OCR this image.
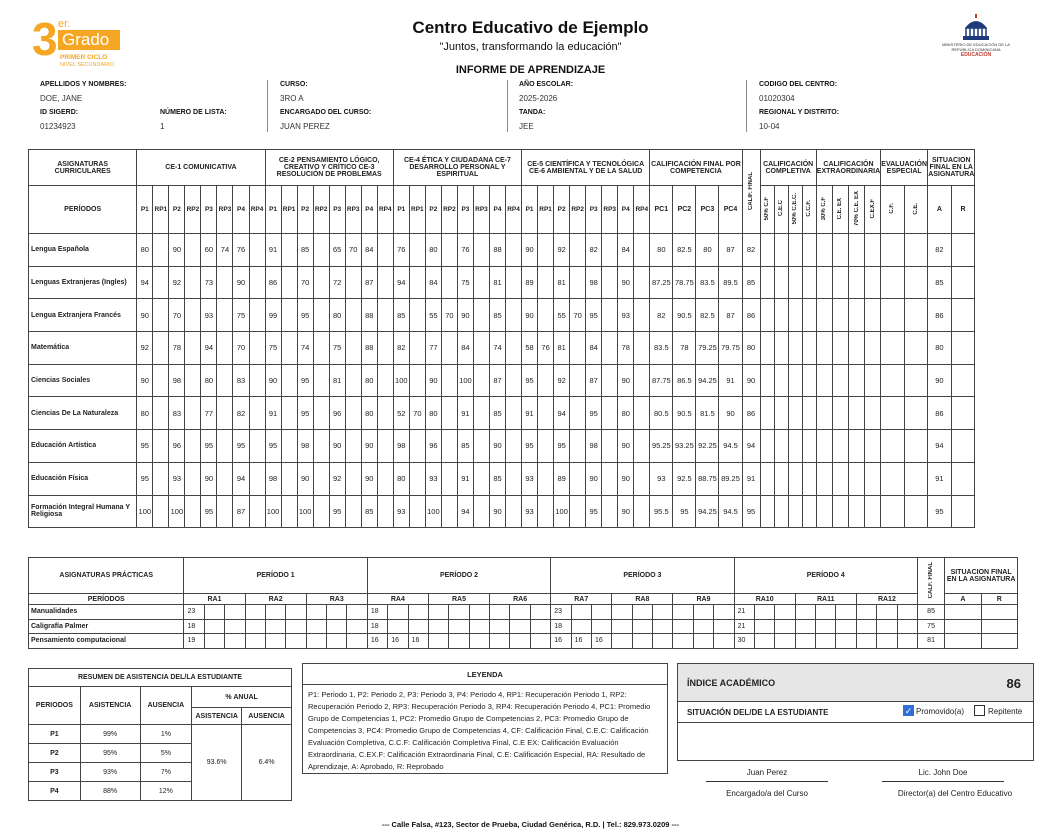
3 er.
Grado
PRIMER CICLO
NIVEL SECUNDARIO
Centro Educativo de Ejemplo
"Juntos, transformando la educación"
INFORME DE APRENDIZAJE
MINISTERIO DE EDUCACIÓN DE LA REPÚBLICA DOMINICANA
EDUCACIÓN
APELLIDOS Y NOMBRES:
DOE, JANE
ID SIGERD:
01234923
NÚMERO DE LISTA:
1
CURSO:
3RO A
ENCARGADO DEL CURSO:
JUAN PEREZ
AÑO ESCOLAR:
2025-2026
TANDA:
JEE
CODIGO DEL CENTRO:
01020304
REGIONAL Y DISTRITO:
10-04
ASIGNATURAS CURRICULARES	CE-1 COMUNICATIVA								CE-2 PENSAMIENTO LÓGICO, CREATIVO Y CRÍTICO CE-3 RESOLUCIÓN DE PROBLEMAS								CE-4 ÉTICA Y CIUDADANA CE-7 DESARROLLO PERSONAL Y ESPIRITUAL								CE-5 CIENTÍFICA Y TECNOLÓGICA CE-6 AMBIENTAL Y DE LA SALUD								CALIFICACIÓN FINAL POR COMPETENCIA				CALIF. FINAL	CALIFICACIÓN COMPLETIVA				CALIFICACIÓN EXTRAORDINARIA				EVALUACIÓN ESPECIAL		SITUACION FINAL EN LA ASIGNATURA	
PERÍODOS	P1	RP1	P2	RP2	P3	RP3	P4	RP4	P1	RP1	P2	RP2	P3	RP3	P4	RP4	P1	RP1	P2	RP2	P3	RP3	P4	RP4	P1	RP1	P2	RP2	P3	RP3	P4	RP4	PC1	PC2	PC3	PC4		50% C.F	C.E.C	50% C.E.C.	C.C.F.	30% C.F	C.E. EX	70% C.E. EX	C.EX.F	C.F.	C.E.	A	R
Lengua Española	80		90		60	74	76		91		85		65	70	84		76		80		76		88		90		92		82		84		80	82.5	80	87	82											82	
Lenguas Extranjeras (Ingles)	94		92		73		90		86		70		72		87		94		84		75		81		89		81		98		90		87.25	78.75	83.5	89.5	85											85	
Lengua Extranjera Francés	90		70		93		75		99		95		80		88		85		55	70	90		85		90		55	70	95		93		82	90.5	82.5	87	86											86	
Matemática	92		78		94		70		75		74		75		88		82		77		84		74		58	76	81		84		78		83.5	78	79.25	79.75	80											80	
Ciencias Sociales	90		98		80		83		90		95		81		80		100		90		100		87		95		92		87		90		87.75	86.5	94.25	91	90											90	
Ciencias De La Naturaleza	80		83		77		82		91		95		96		80		52	70	80		91		85		91		94		95		80		80.5	90.5	81.5	90	86											86	
Educación Artística	95		96		95		95		95		98		90		90		98		96		85		90		95		95		98		90		95.25	93.25	92.25	94.5	94											94	
Educación Física	95		93		90		94		98		90		92		90		80		93		91		85		93		89		90		90		93	92.5	88.75	89.25	91											91	
Formación Integral Humana Y Religiosa	100		100		95		87		100		100		95		85		93		100		94		90		93		100		95		90		95.5	95	94.25	94.5	95											95	
ASIGNATURAS PRÁCTICAS	PERÍODO 1									PERÍODO 2									PERÍODO 3									PERÍODO 4									CALF. FINAL	SITUACION FINAL EN LA ASIGNATURA	
PERÍODOS	RA1			RA2			RA3			RA4			RA5			RA6			RA7			RA8			RA9			RA10			RA11			RA12				A	R
Manualidades	23									18									23									21									85		
Caligrafía Palmer	18									18									18									21									75		
Pensamiento computacional	19									16	16	16							16	16	16							30									81		
RESUMEN DE ASISTENCIA DEL/LA ESTUDIANTE				
PERIODOS	ASISTENCIA	AUSENCIA	% ANUAL	
			ASISTENCIA	AUSENCIA
P1	99%	1%	93.6%	6.4%
P2	95%	5%		
P3	93%	7%		
P4	88%	12%		
LEYENDA
P1: Periodo 1, P2: Periodo 2, P3: Periodo 3, P4: Periodo 4, RP1: Recuperación Periodo 1, RP2: Recuperación Periodo 2, RP3: Recuperación Periodo 3, RP4: Recuperación Periodo 4, PC1: Promedio Grupo de Competencias 1, PC2: Promedio Grupo de Competencias 2, PC3: Promedio Grupo de Competencias 3, PC4: Promedio Grupo de Competencias 4, CF: Calificación Final, C.E.C: Calificación Evaluación Completiva, C.C.F: Calificación Completiva Final, C.E EX: Calificación Evaluación Extraordinaria, C.EX.F: Calificación Extraordinaria Final, C.E: Calificación Especial, RA: Resultado de Aprendizaje, A: Aprobado, R: Reprobado
ÍNDICE ACADÉMICO	86
SITUACIÓN DEL/DE LA ESTUDIANTE	✓ Promovido(a)	Repitente
Juan Perez
Encargado/a del Curso
Lic. John Doe
Director(a) del Centro Educativo
--- Calle Falsa, #123, Sector de Prueba, Ciudad Genérica, R.D. | Tel.: 829.973.0209 ---
